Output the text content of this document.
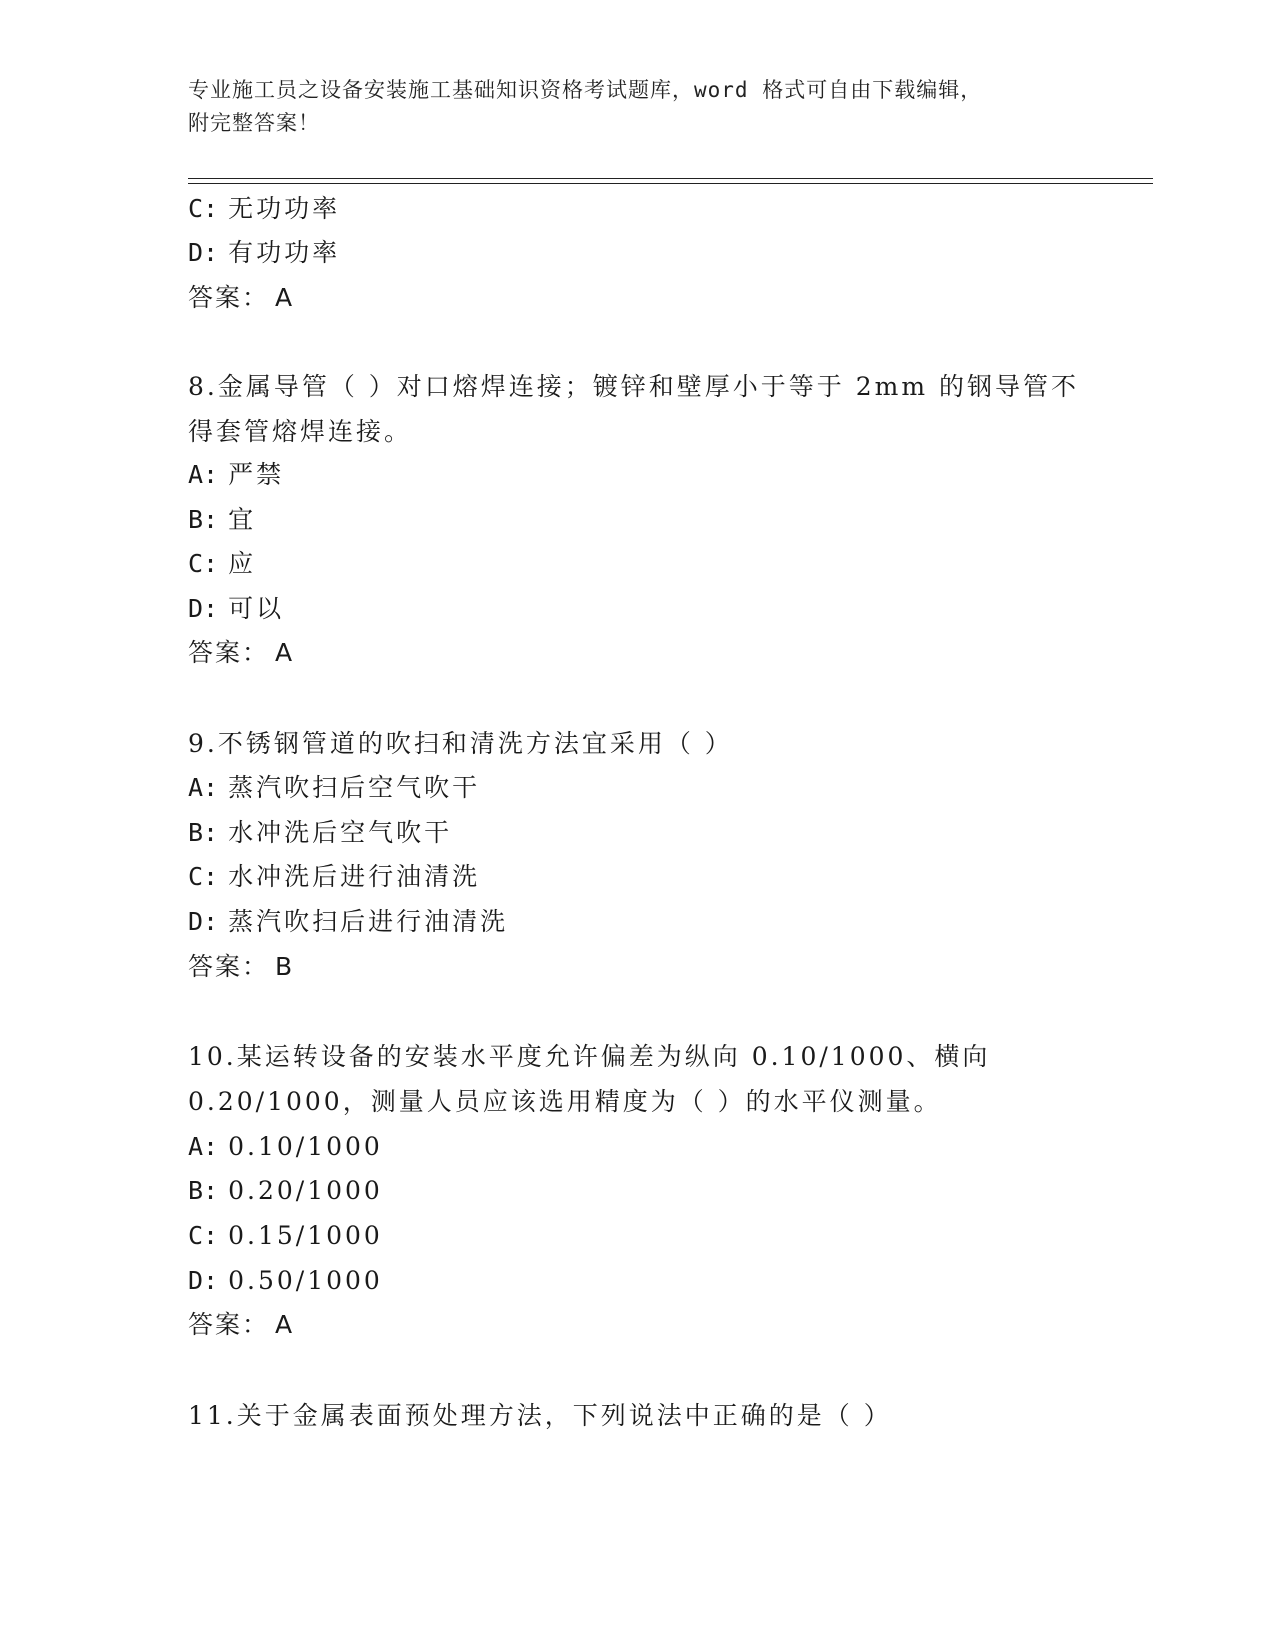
专业施工员之设备安装施工基础知识资格考试题库，word 格式可自由下载编辑，
附完整答案！
C: 无功功率
D: 有功功率
答案： A
8.金属导管（ ）对口熔焊连接；镀锌和壁厚小于等于 2mm 的钢导管不
得套管熔焊连接。
A: 严禁
B: 宜
C: 应
D: 可以
答案： A
9.不锈钢管道的吹扫和清洗方法宜采用（ ）
A: 蒸汽吹扫后空气吹干
B: 水冲洗后空气吹干
C: 水冲洗后进行油清洗
D: 蒸汽吹扫后进行油清洗
答案： B
10.某运转设备的安装水平度允许偏差为纵向 0.10/1000、横向
0.20/1000，测量人员应该选用精度为（ ）的水平仪测量。
A: 0.10/1000
B: 0.20/1000
C: 0.15/1000
D: 0.50/1000
答案： A
11.关于金属表面预处理方法，下列说法中正确的是（ ）
